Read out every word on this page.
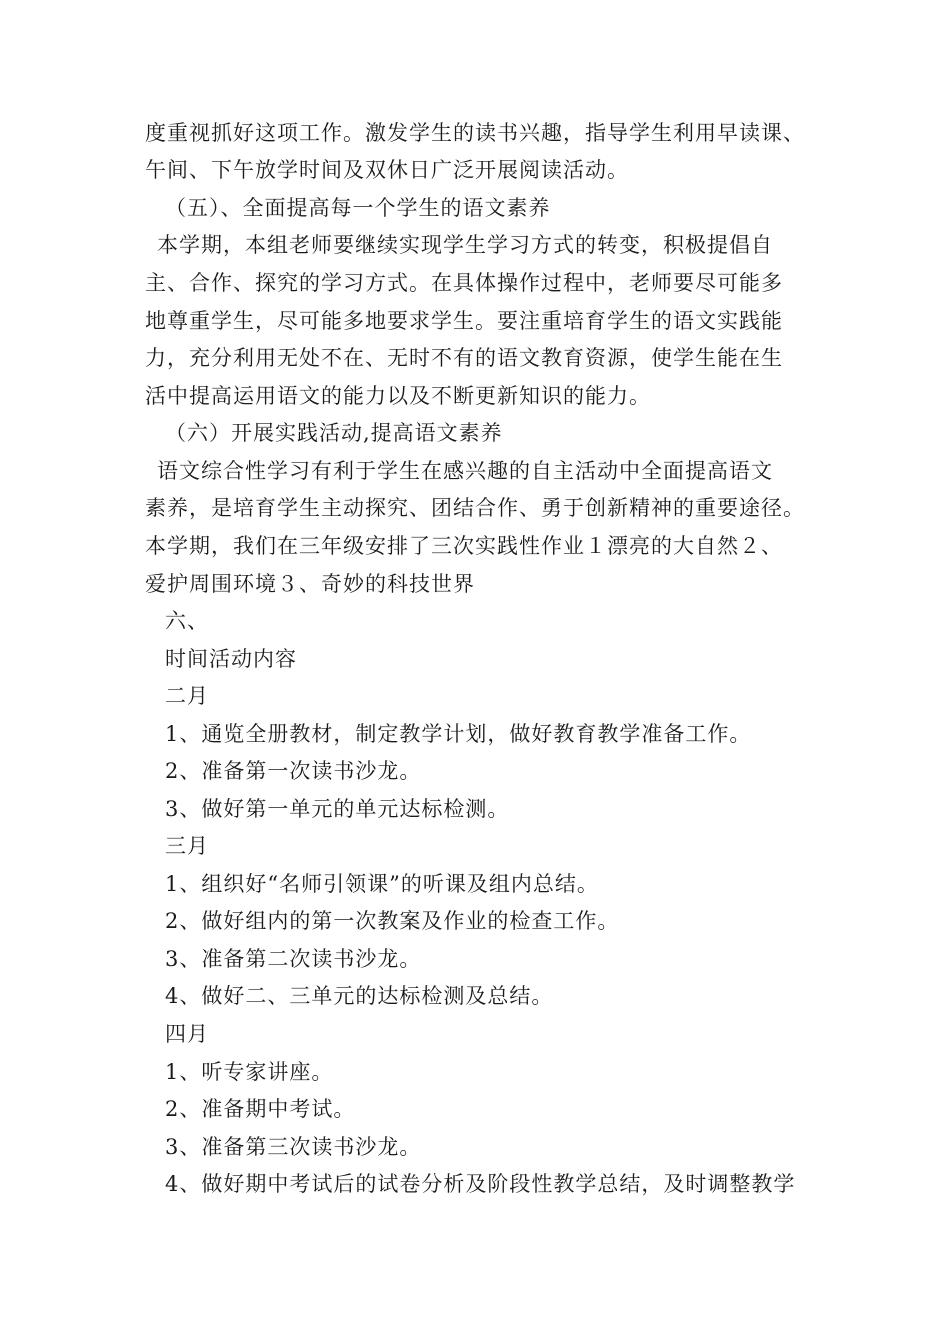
度重视抓好这项工作。激发学生的读书兴趣，指导学生利用早读课、
午间、下午放学时间及双休日广泛开展阅读活动。
（五）、全面提高每一个学生的语文素养
本学期，本组老师要继续实现学生学习方式的转变，积极提倡自
主、合作、探究的学习方式。在具体操作过程中，老师要尽可能多
地尊重学生，尽可能多地要求学生。要注重培育学生的语文实践能
力，充分利用无处不在、无时不有的语文教育资源，使学生能在生
活中提高运用语文的能力以及不断更新知识的能力。
（六）开展实践活动,提高语文素养
语文综合性学习有利于学生在感兴趣的自主活动中全面提高语文
素养，是培育学生主动探究、团结合作、勇于创新精神的重要途径。
本学期，我们在三年级安排了三次实践性作业１漂亮的大自然２、
爱护周围环境３、奇妙的科技世界
六、
时间活动内容
二月
1、通览全册教材，制定教学计划，做好教育教学准备工作。
2、准备第一次读书沙龙。
3、做好第一单元的单元达标检测。
三月
1、组织好“名师引领课”的听课及组内总结。
2、做好组内的第一次教案及作业的检查工作。
3、准备第二次读书沙龙。
4、做好二、三单元的达标检测及总结。
四月
1、听专家讲座。
2、准备期中考试。
3、准备第三次读书沙龙。
4、做好期中考试后的试卷分析及阶段性教学总结，及时调整教学
